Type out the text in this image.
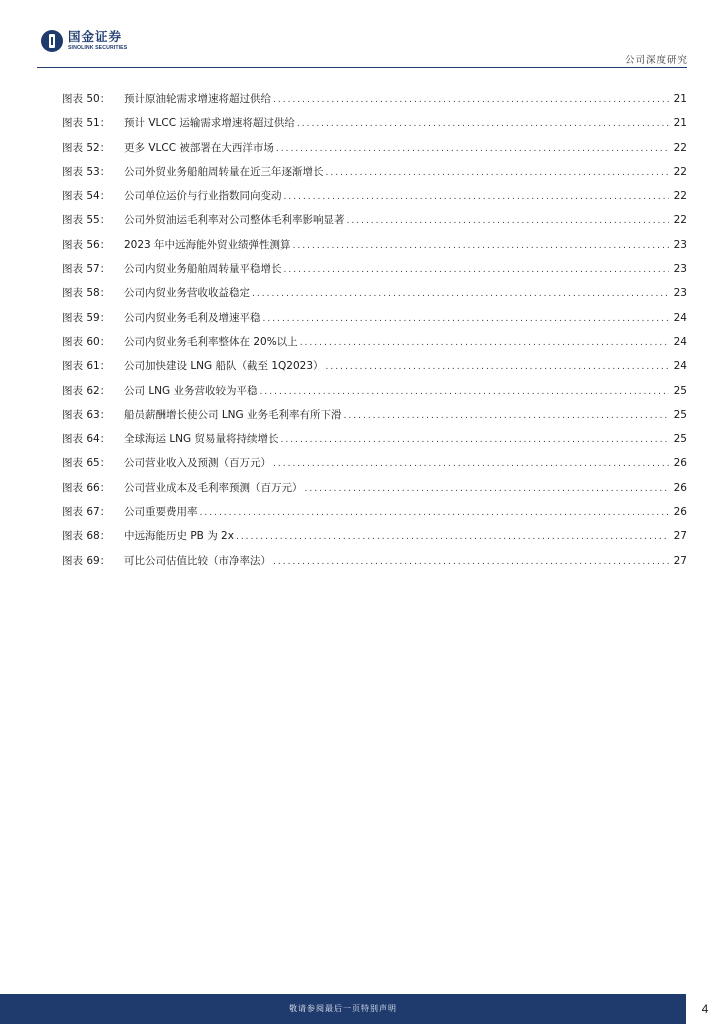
国金证券
SINOLINK SECURITIES
公司深度研究
图表 50：	预计原油轮需求增速将超过供给 .....	21
图表 51：	预计 VLCC 运输需求增速将超过供给 .....	21
图表 52：	更多 VLCC 被部署在大西洋市场 .....	22
图表 53：	公司外贸业务船舶周转量在近三年逐渐增长 .....	22
图表 54：	公司单位运价与行业指数同向变动 .....	22
图表 55：	公司外贸油运毛利率对公司整体毛利率影响显著 .....	22
图表 56：	2023 年中远海能外贸业绩弹性测算 .....	23
图表 57：	公司内贸业务船舶周转量平稳增长 .....	23
图表 58：	公司内贸业务营收收益稳定 .....	23
图表 59：	公司内贸业务毛利及增速平稳 .....	24
图表 60：	公司内贸业务毛利率整体在 20%以上 .....	24
图表 61：	公司加快建设 LNG 船队（截至 1Q2023） .....	24
图表 62：	公司 LNG 业务营收较为平稳 .....	25
图表 63：	船员薪酬增长使公司 LNG 业务毛利率有所下滑 .....	25
图表 64：	全球海运 LNG 贸易量将持续增长 .....	25
图表 65：	公司营业收入及预测（百万元） .....	26
图表 66：	公司营业成本及毛利率预测（百万元） .....	26
图表 67：	公司重要费用率 .....	26
图表 68：	中远海能历史 PB 为 2x .....	27
图表 69：	可比公司估值比较（市净率法） .....	27
敬请参阅最后一页特别声明	4
